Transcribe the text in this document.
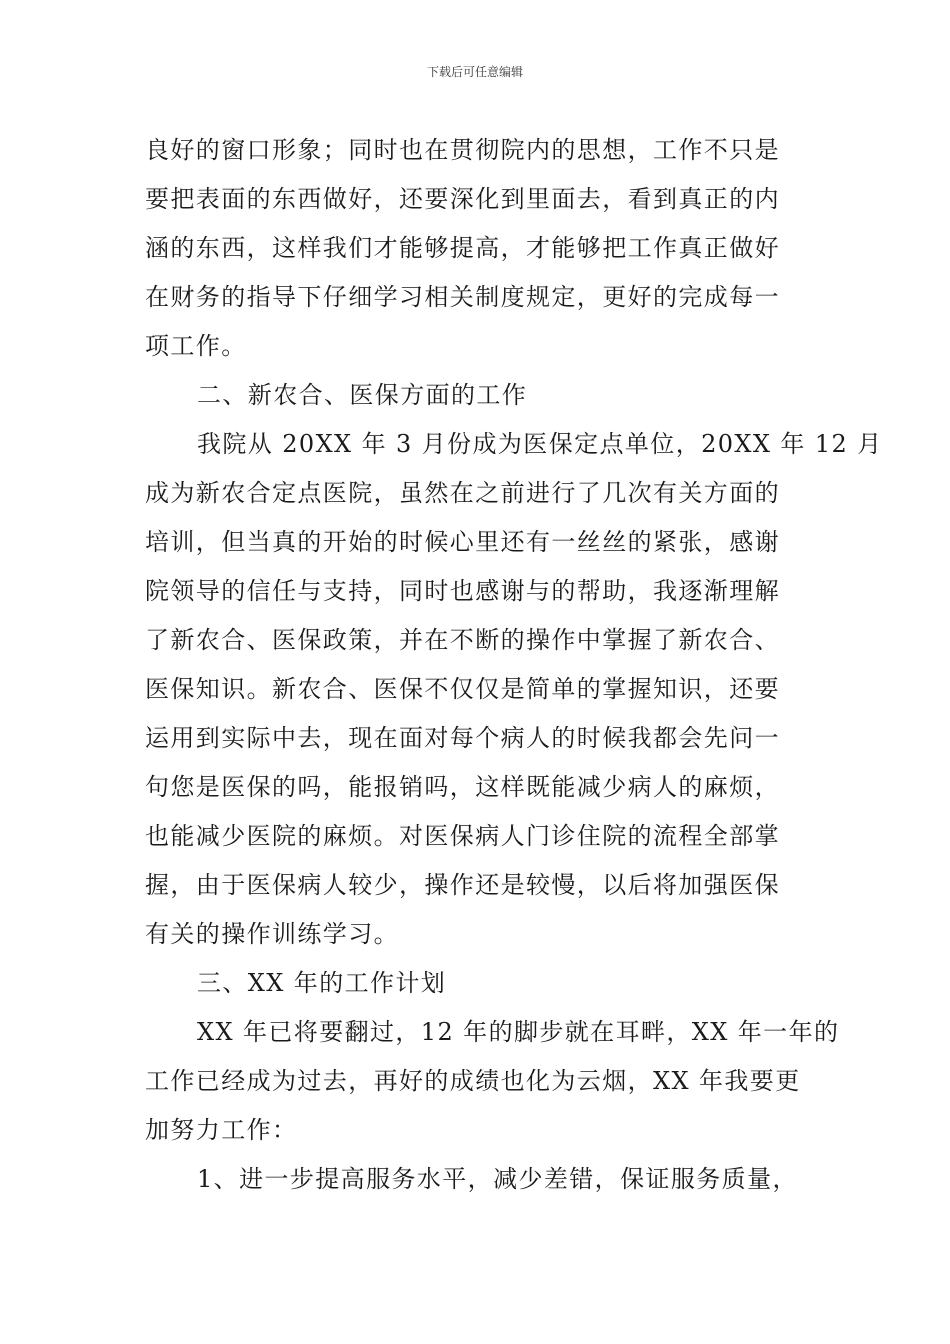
下载后可任意编辑
良好的窗口形象；同时也在贯彻院内的思想，工作不只是
要把表面的东西做好，还要深化到里面去，看到真正的内
涵的东西，这样我们才能够提高，才能够把工作真正做好
在财务的指导下仔细学习相关制度规定，更好的完成每一
项工作。
二、新农合、医保方面的工作
我院从 20XX 年 3 月份成为医保定点单位，20XX 年 12 月
成为新农合定点医院，虽然在之前进行了几次有关方面的
培训，但当真的开始的时候心里还有一丝丝的紧张，感谢
院领导的信任与支持，同时也感谢与的帮助，我逐渐理解
了新农合、医保政策，并在不断的操作中掌握了新农合、
医保知识。新农合、医保不仅仅是简单的掌握知识，还要
运用到实际中去，现在面对每个病人的时候我都会先问一
句您是医保的吗，能报销吗，这样既能减少病人的麻烦，
也能减少医院的麻烦。对医保病人门诊住院的流程全部掌
握，由于医保病人较少，操作还是较慢，以后将加强医保
有关的操作训练学习。
三、XX 年的工作计划
XX 年已将要翻过，12 年的脚步就在耳畔，XX 年一年的
工作已经成为过去，再好的成绩也化为云烟，XX 年我要更
加努力工作：
1、进一步提高服务水平，减少差错，保证服务质量，
